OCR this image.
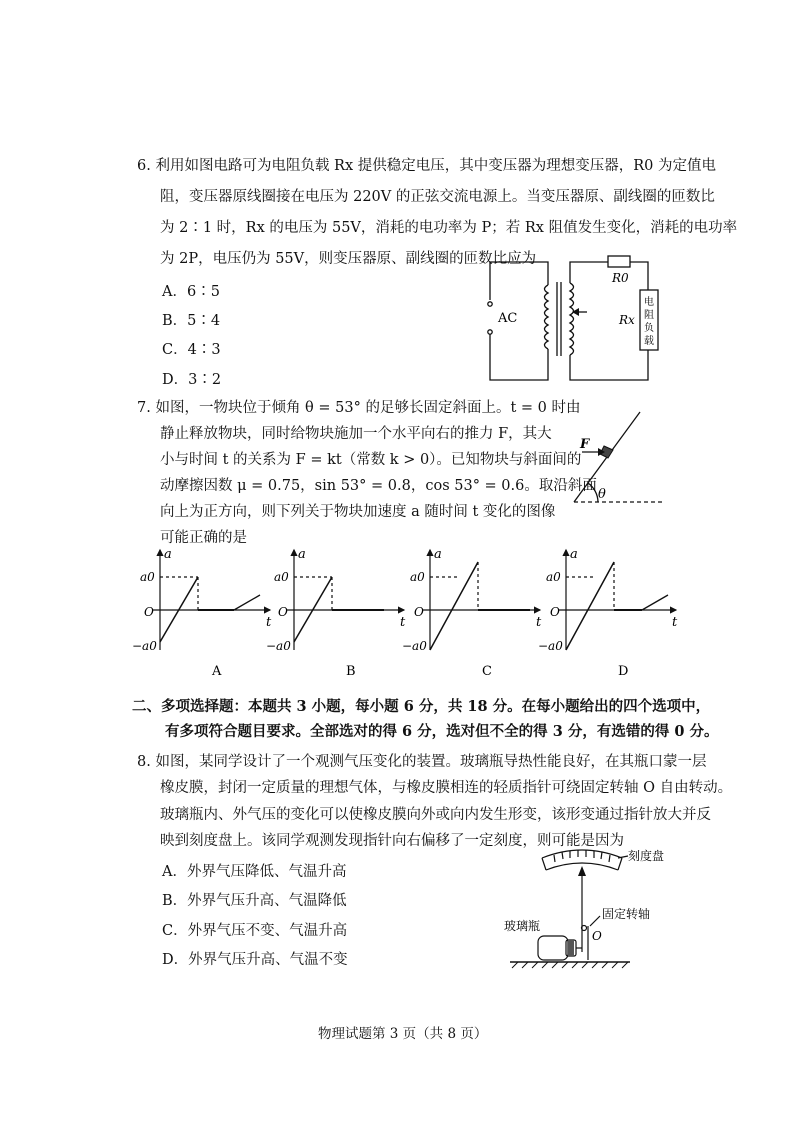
6. 利用如图电路可为电阻负载 Rx 提供稳定电压，其中变压器为理想变压器，R0 为定值电
阻，变压器原线圈接在电压为 220V 的正弦交流电源上。当变压器原、副线圈的匝数比
为 2∶1 时，Rx 的电压为 55V，消耗的电功率为 P；若 Rx 阻值发生变化，消耗的电功率
为 2P，电压仍为 55V，则变压器原、副线圈的匝数比应为
A．6∶5
B．5∶4
C．4∶3
D．3∶2
AC
R0
Rx
电
阻
负
载
7. 如图，一物块位于倾角 θ = 53° 的足够长固定斜面上。t = 0 时由
静止释放物块，同时给物块施加一个水平向右的推力 F，其大
小与时间 t 的关系为 F = kt（常数 k > 0）。已知物块与斜面间的
动摩擦因数 μ = 0.75，sin 53° = 0.8，cos 53° = 0.6。取沿斜面
向上为正方向，则下列关于物块加速度 a 随时间 t 变化的图像
可能正确的是
F
θ
a
t
a0
O
−a0
A
a
t
a0
O
−a0
B
a
t
a0
O
−a0
C
a
t
a0
O
−a0
D
二、多项选择题：本题共 3 小题，每小题 6 分，共 18 分。在每小题给出的四个选项中，
有多项符合题目要求。全部选对的得 6 分，选对但不全的得 3 分，有选错的得 0 分。
8. 如图，某同学设计了一个观测气压变化的装置。玻璃瓶导热性能良好，在其瓶口蒙一层
橡皮膜，封闭一定质量的理想气体，与橡皮膜相连的轻质指针可绕固定转轴 O 自由转动。
玻璃瓶内、外气压的变化可以使橡皮膜向外或向内发生形变，该形变通过指针放大并反
映到刻度盘上。该同学观测发现指针向右偏移了一定刻度，则可能是因为
A．外界气压降低、气温升高
B．外界气压升高、气温降低
C．外界气压不变、气温升高
D．外界气压升高、气温不变
刻度盘
玻璃瓶
固定转轴
O
物理试题第 3 页（共 8 页）
